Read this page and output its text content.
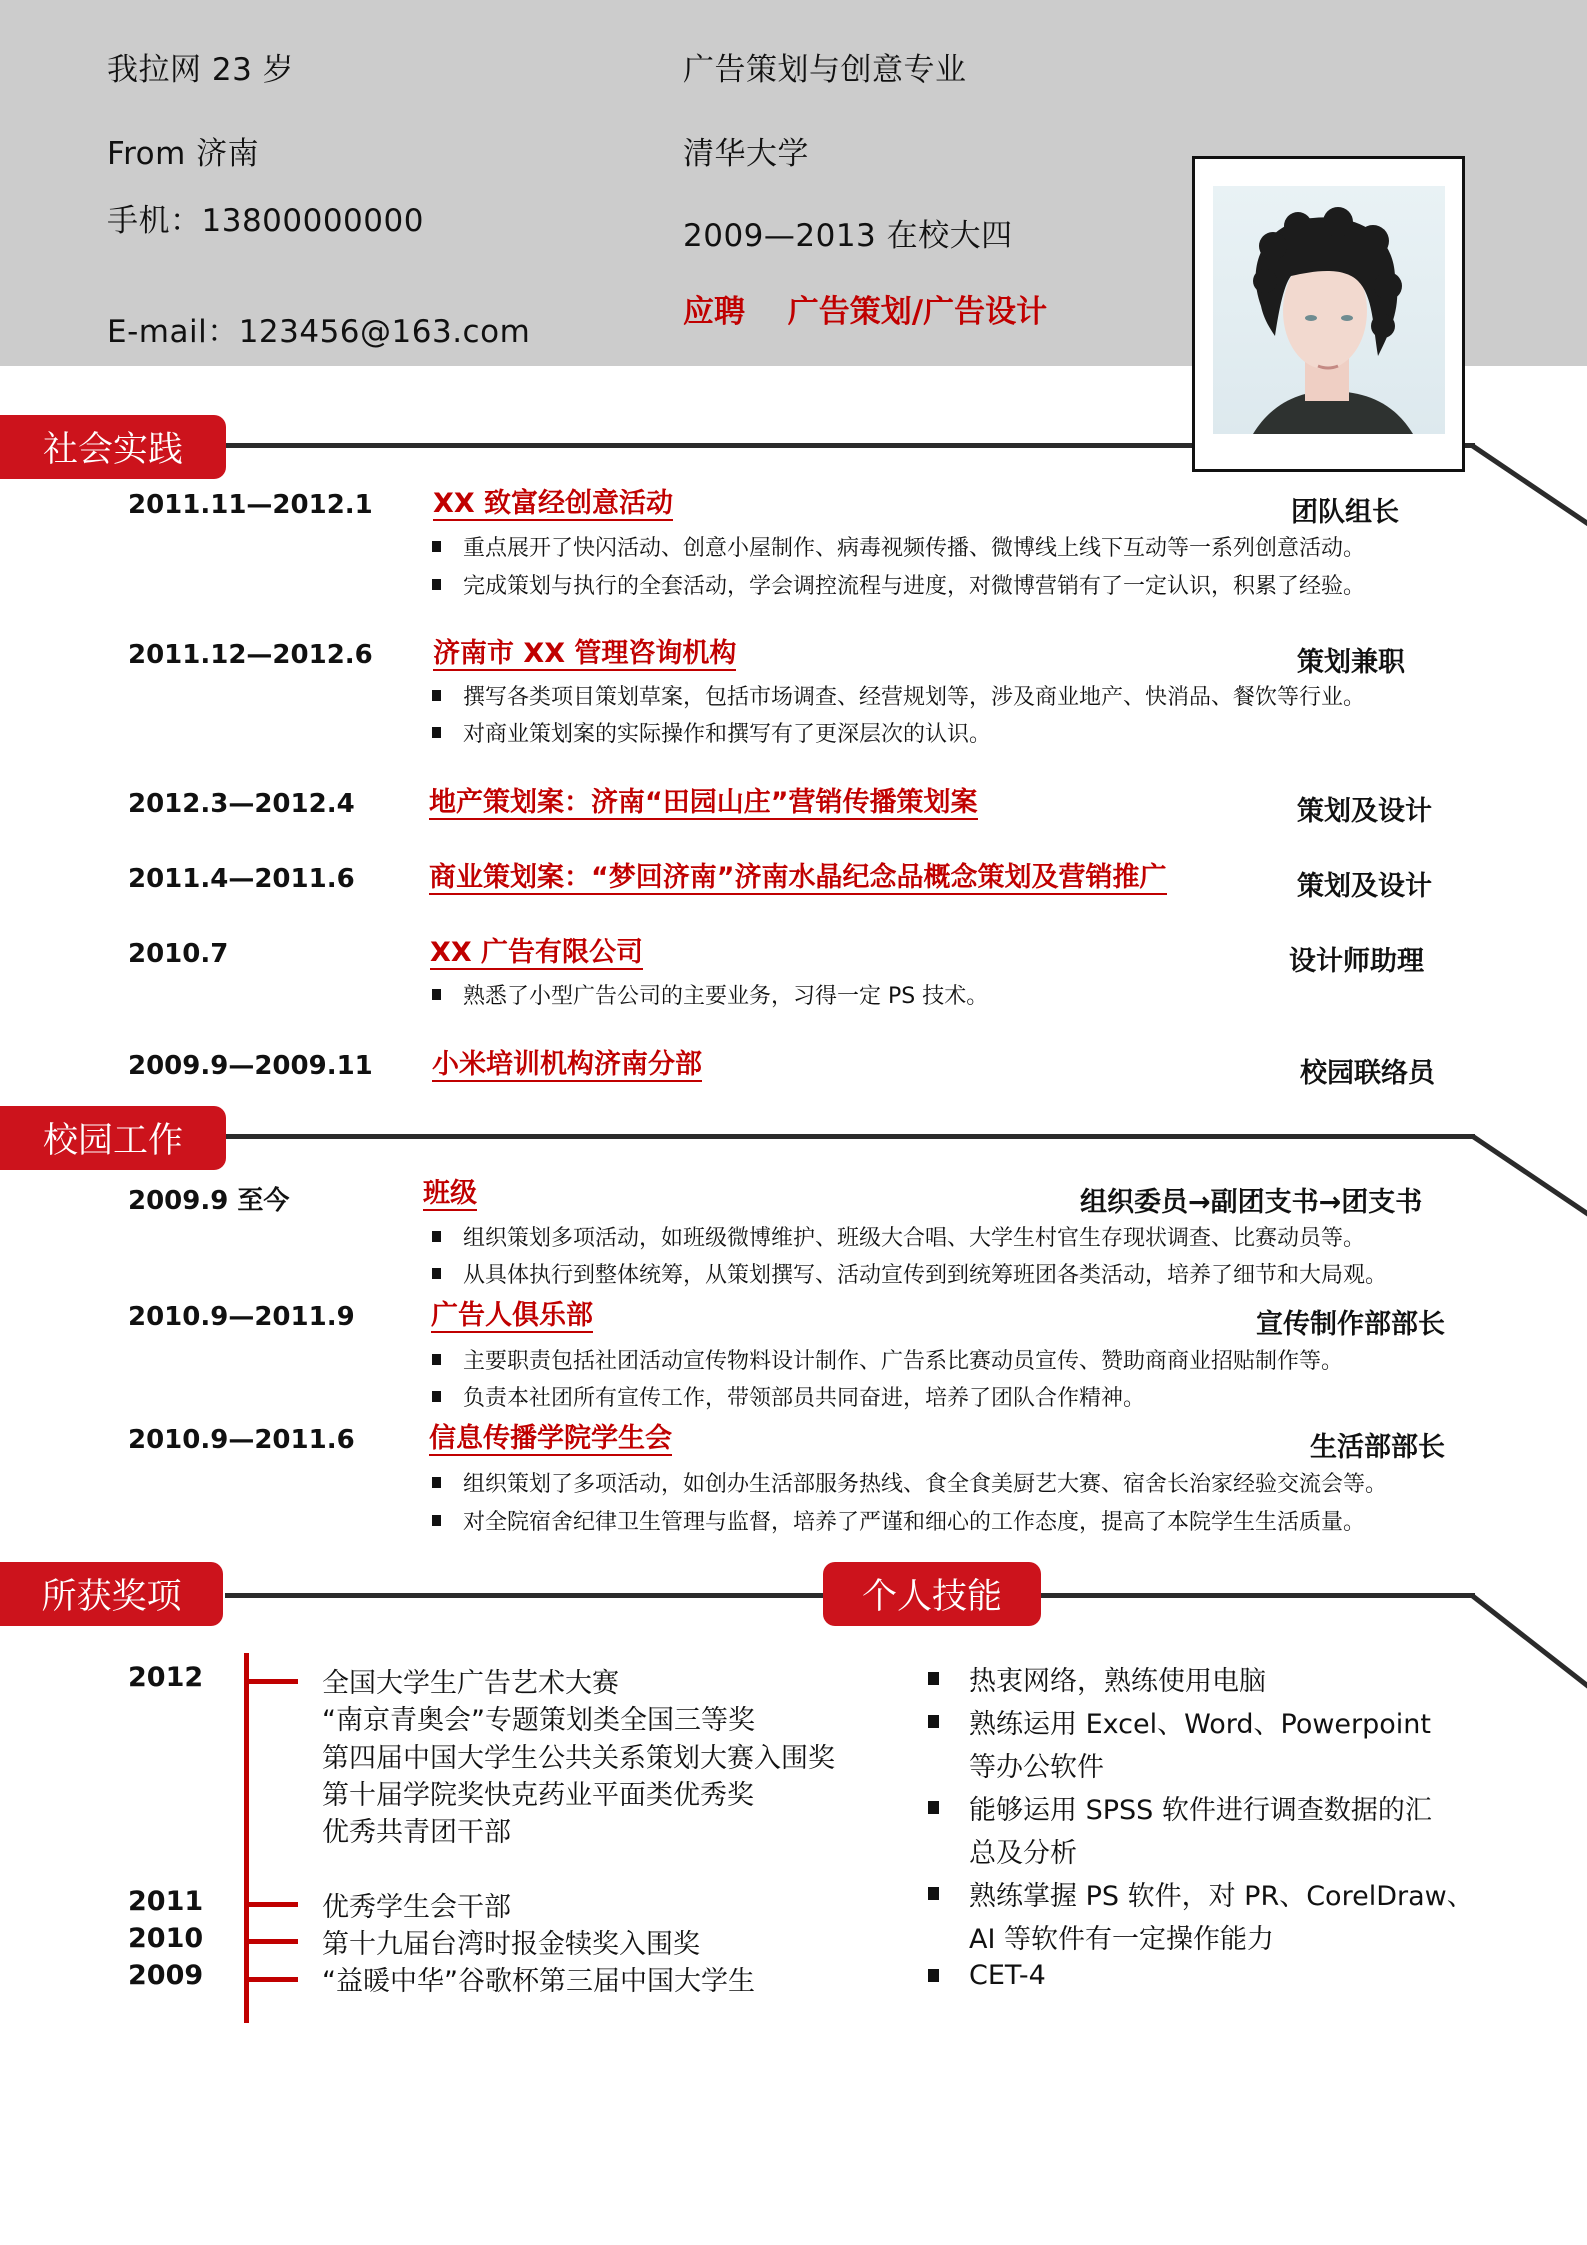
我拉网 23 岁
From 济南
手机：13800000000
E-mail：123456@163.com
广告策划与创意专业
清华大学
2009—2013 在校大四
应聘 广告策划/广告设计
社会实践
2011.11—2012.1 XX 致富经创意活动	团队组长
重点展开了快闪活动、创意小屋制作、病毒视频传播、微博线上线下互动等一系列创意活动。
完成策划与执行的全套活动，学会调控流程与进度，对微博营销有了一定认识，积累了经验。
2011.12—2012.6 济南市 XX 管理咨询机构	策划兼职
撰写各类项目策划草案，包括市场调查、经营规划等，涉及商业地产、快消品、餐饮等行业。
对商业策划案的实际操作和撰写有了更深层次的认识。
2012.3—2012.4	地产策划案：济南“田园山庄”营销传播策划案	策划及设计
2011.4—2011.6	商业策划案：“梦回济南”济南水晶纪念品概念策划及营销推广	策划及设计
2010.7	XX 广告有限公司	设计师助理
熟悉了小型广告公司的主要业务，习得一定 PS 技术。
2009.9—2009.11 小米培训机构济南分部	校园联络员
校园工作
2009.9 至今	班级	组织委员→副团支书→团支书
组织策划多项活动，如班级微博维护、班级大合唱、大学生村官生存现状调查、比赛动员等。
从具体执行到整体统筹，从策划撰写、活动宣传到到统筹班团各类活动，培养了细节和大局观。
2010.9—2011.9	广告人俱乐部	宣传制作部部长
主要职责包括社团活动宣传物料设计制作、广告系比赛动员宣传、赞助商商业招贴制作等。
负责本社团所有宣传工作，带领部员共同奋进，培养了团队合作精神。
2010.9—2011.6	信息传播学院学生会	生活部部长
组织策划了多项活动，如创办生活部服务热线、食全食美厨艺大赛、宿舍长治家经验交流会等。
对全院宿舍纪律卫生管理与监督，培养了严谨和细心的工作态度，提高了本院学生生活质量。
所获奖项	个人技能
2012	全国大学生广告艺术大赛
“南京青奥会”专题策划类全国三等奖
第四届中国大学生公共关系策划大赛入围奖
第十届学院奖快克药业平面类优秀奖
优秀共青团干部
2011	优秀学生会干部
2010	第十九届台湾时报金犊奖入围奖
2009	“益暖中华”谷歌杯第三届中国大学生
热衷网络，熟练使用电脑
熟练运用 Excel、Word、Powerpoint
等办公软件
能够运用 SPSS 软件进行调查数据的汇
总及分析
熟练掌握 PS 软件，对 PR、CorelDraw、
AI 等软件有一定操作能力
CET-4
